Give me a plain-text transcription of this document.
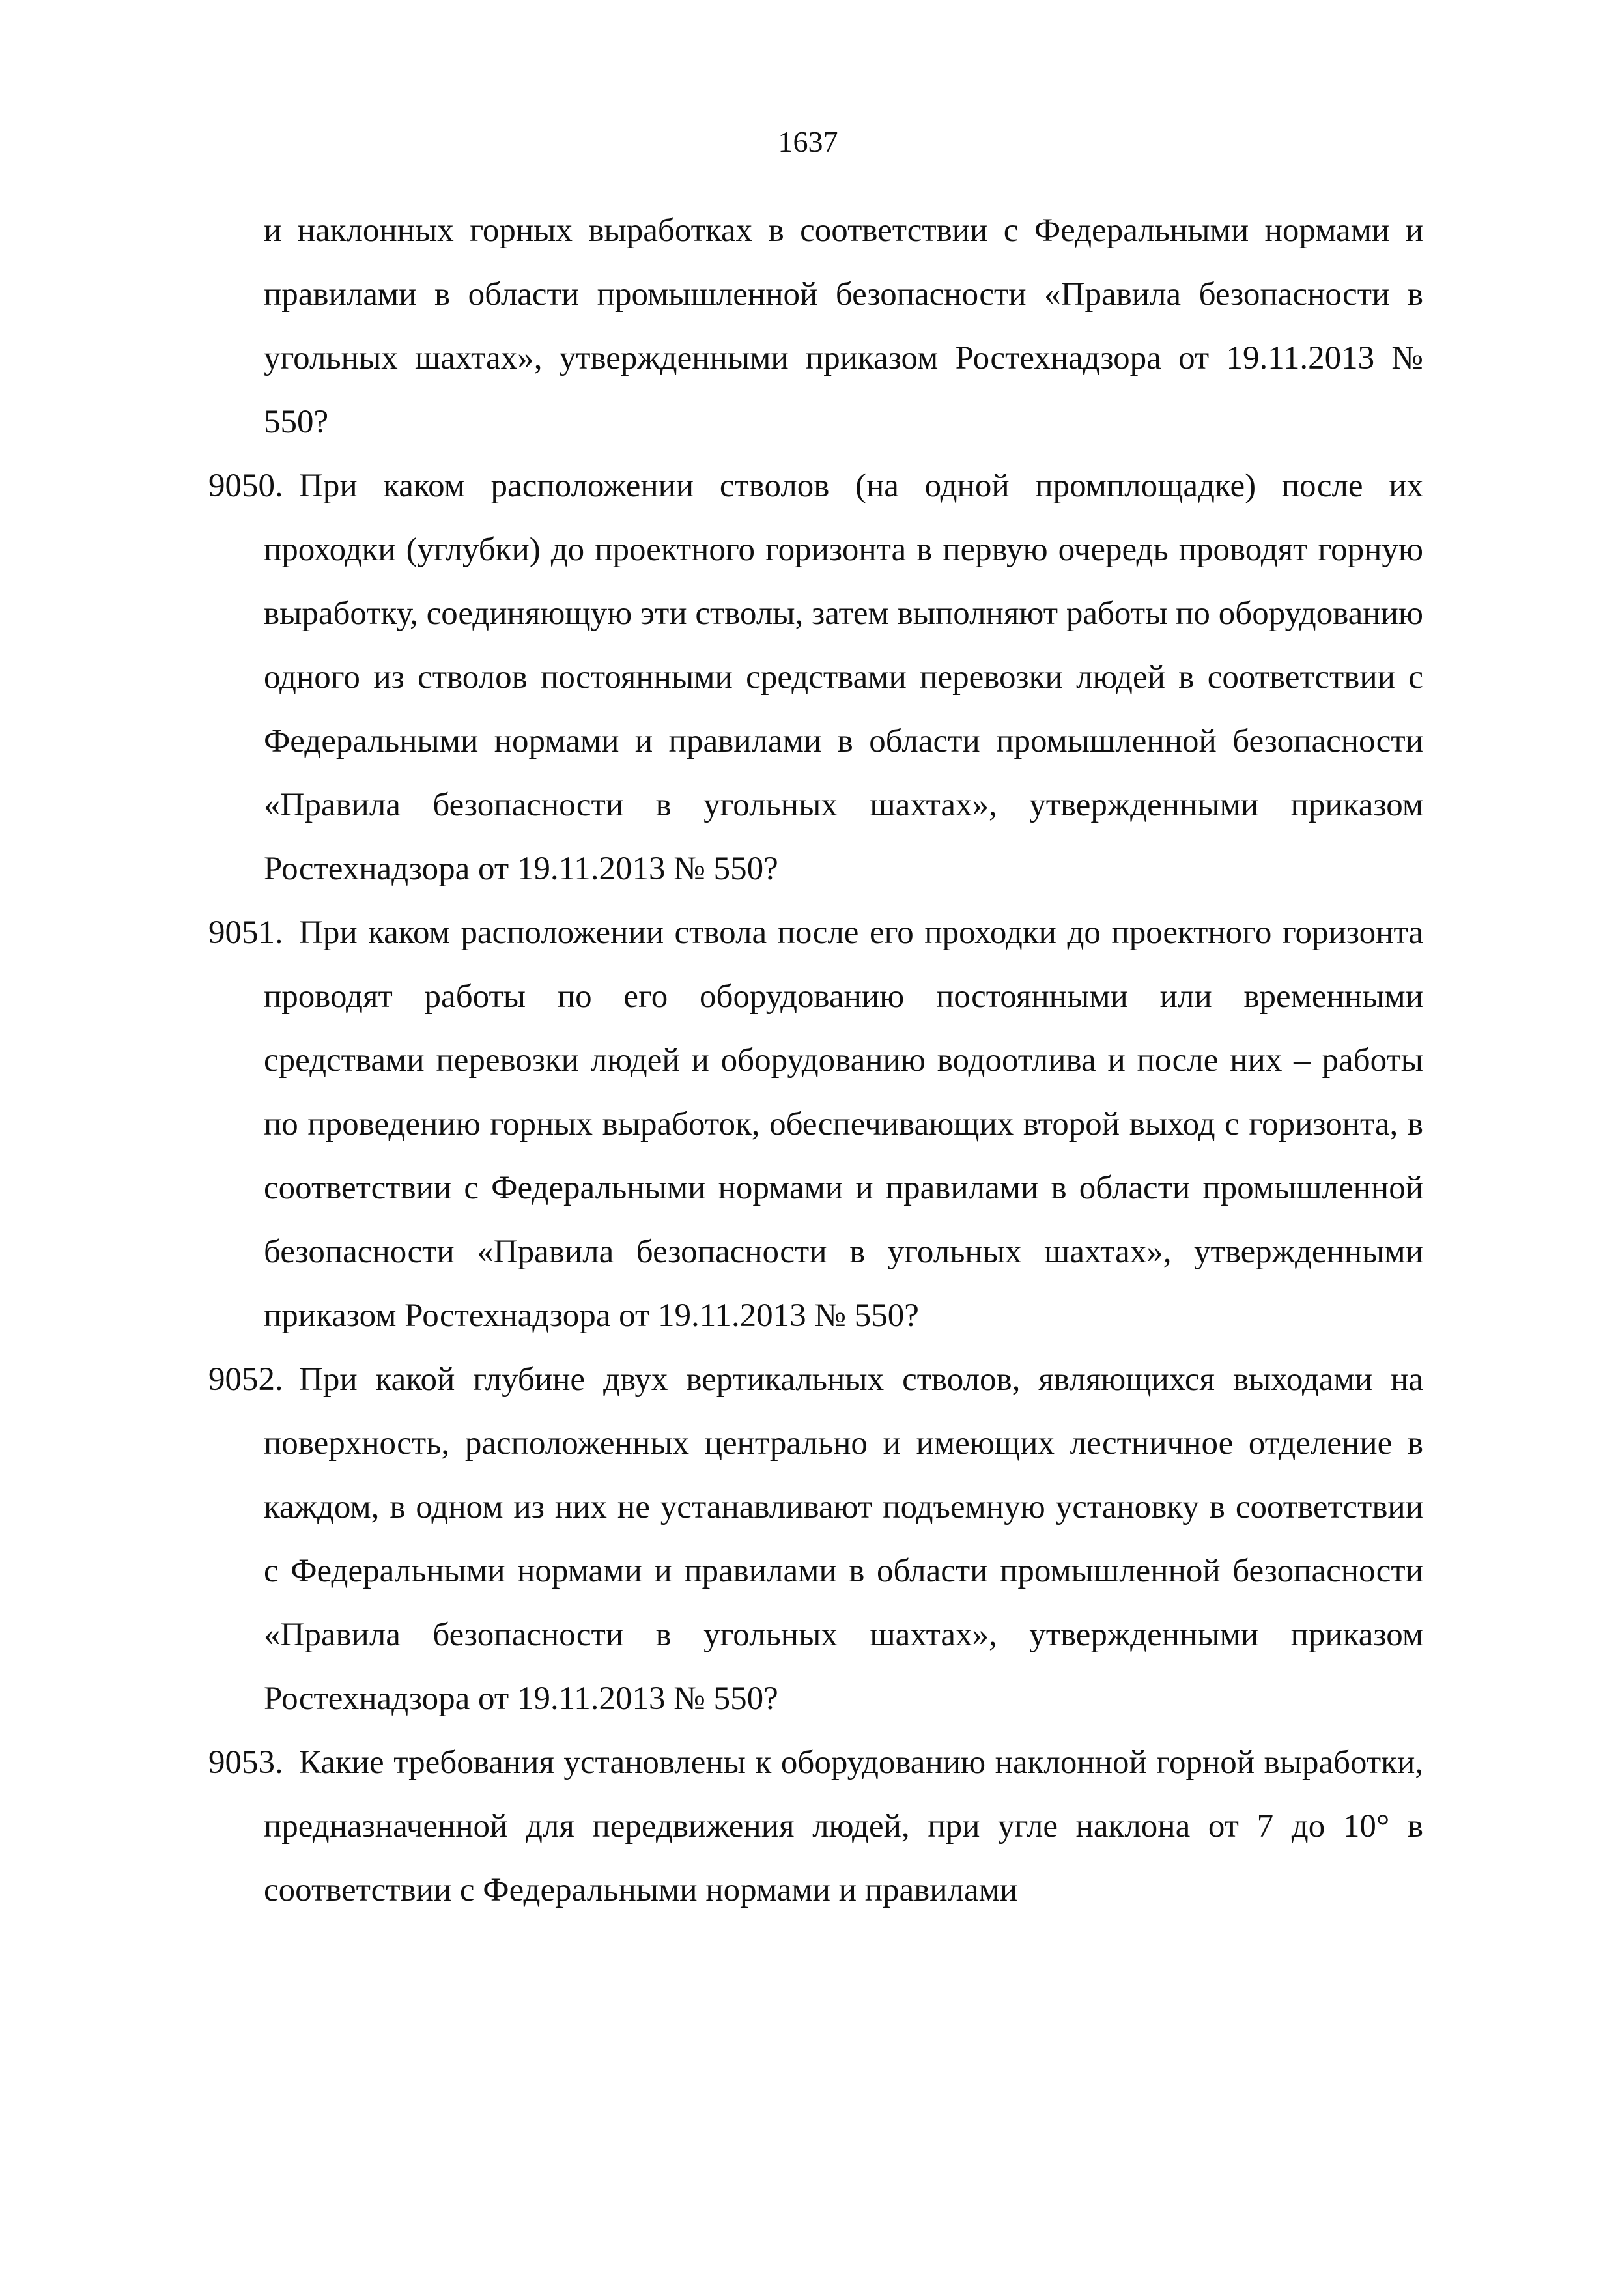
1637

и наклонных горных выработках в соответствии с Федеральными нормами и правилами в области промышленной безопасности «Правила безопасности в угольных шахтах», утвержденными приказом Ростехнадзора от 19.11.2013 № 550?

9050. При каком расположении стволов (на одной промплощадке) после их проходки (углубки) до проектного горизонта в первую очередь проводят горную выработку, соединяющую эти стволы, затем выполняют работы по оборудованию одного из стволов постоянными средствами перевозки людей в соответствии с Федеральными нормами и правилами в области промышленной безопасности «Правила безопасности в угольных шахтах», утвержденными приказом Ростехнадзора от 19.11.2013 № 550?
9051. При каком расположении ствола после его проходки до проектного горизонта проводят работы по его оборудованию постоянными или временными средствами перевозки людей и оборудованию водоотлива и после них – работы по проведению горных выработок, обеспечивающих второй выход с горизонта, в соответствии с Федеральными нормами и правилами в области промышленной безопасности «Правила безопасности в угольных шахтах», утвержденными приказом Ростехнадзора от 19.11.2013 № 550?
9052. При какой глубине двух вертикальных стволов, являющихся выходами на поверхность, расположенных центрально и имеющих лестничное отделение в каждом, в одном из них не устанавливают подъемную установку в соответствии с Федеральными нормами и правилами в области промышленной безопасности «Правила безопасности в угольных шахтах», утвержденными приказом Ростехнадзора от 19.11.2013 № 550?
9053. Какие требования установлены к оборудованию наклонной горной выработки, предназначенной для передвижения людей, при угле наклона от 7 до 10° в соответствии с Федеральными нормами и правилами
